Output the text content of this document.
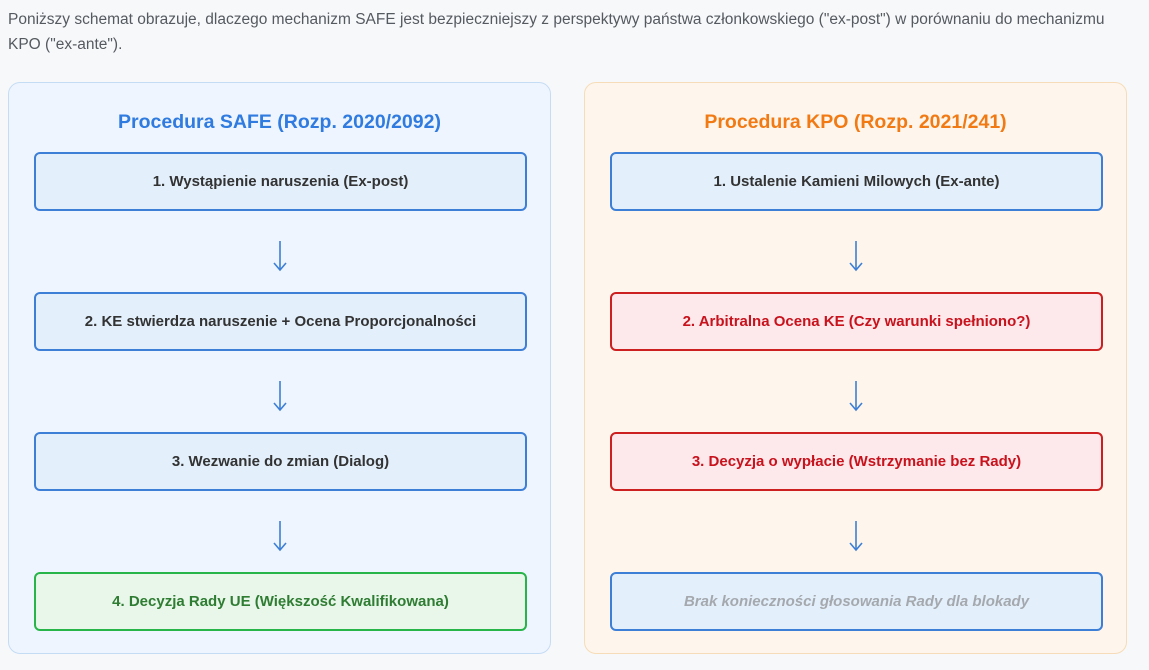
Poniższy schemat obrazuje, dlaczego mechanizm SAFE jest bezpieczniejszy z perspektywy państwa członkowskiego ("ex-post") w porównaniu do mechanizmu KPO ("ex-ante").

Procedura SAFE (Rozp. 2020/2092)
1. Wystąpienie naruszenia (Ex-post)
2. KE stwierdza naruszenie + Ocena Proporcjonalności
3. Wezwanie do zmian (Dialog)
4. Decyzja Rady UE (Większość Kwalifikowana)
Procedura KPO (Rozp. 2021/241)
1. Ustalenie Kamieni Milowych (Ex-ante)
2. Arbitralna Ocena KE (Czy warunki spełniono?)
3. Decyzja o wypłacie (Wstrzymanie bez Rady)
Brak konieczności głosowania Rady dla blokady
